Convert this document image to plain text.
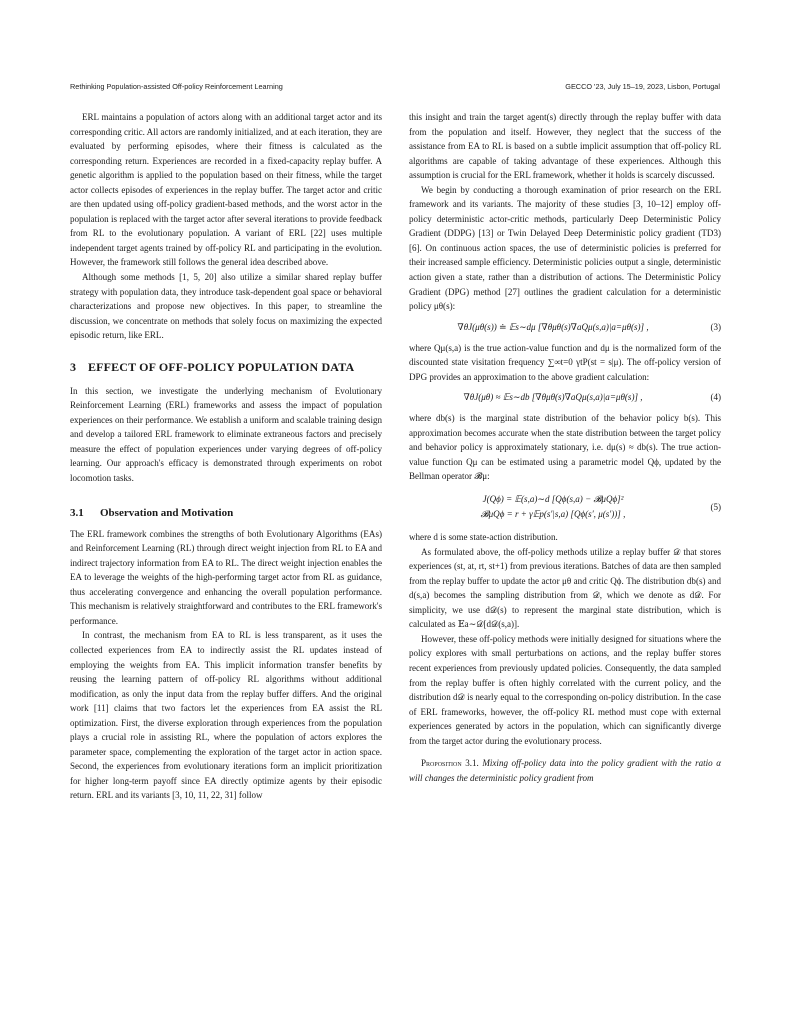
Rethinking Population-assisted Off-policy Reinforcement Learning	GECCO '23, July 15–19, 2023, Lisbon, Portugal

ERL maintains a population of actors along with an additional target actor and its corresponding critic. All actors are randomly initialized, and at each iteration, they are evaluated by performing episodes, where their fitness is calculated as the corresponding return. Experiences are recorded in a fixed-capacity replay buffer. A genetic algorithm is applied to the population based on their fitness, while the target actor collects episodes of experiences in the replay buffer. The target actor and critic are then updated using off-policy gradient-based methods, and the worst actor in the population is replaced with the target actor after several iterations to provide feedback from RL to the evolutionary population. A variant of ERL [22] uses multiple independent target agents trained by off-policy RL and participating in the evolution. However, the framework still follows the general idea described above.

Although some methods [1, 5, 20] also utilize a similar shared replay buffer strategy with population data, they introduce task-dependent goal space or behavioral characterizations and propose new objectives. In this paper, to streamline the discussion, we concentrate on methods that solely focus on maximizing the expected episodic return, like ERL.

3 EFFECT OF OFF-POLICY POPULATION DATA

In this section, we investigate the underlying mechanism of Evolutionary Reinforcement Learning (ERL) frameworks and assess the impact of population experiences on their performance. We establish a uniform and scalable training design and develop a tailored ERL framework to eliminate extraneous factors and precisely measure the effect of population experiences under varying degrees of off-policy learning. Our approach's efficacy is demonstrated through experiments on robot locomotion tasks.

3.1 Observation and Motivation

The ERL framework combines the strengths of both Evolutionary Algorithms (EAs) and Reinforcement Learning (RL) through direct weight injection from RL to EA and indirect trajectory information from EA to RL. The direct weight injection enables the EA to leverage the weights of the high-performing target actor from RL as guidance, thus accelerating convergence and enhancing the overall population performance. This mechanism is relatively straightforward and contributes to the ERL framework's performance.

In contrast, the mechanism from EA to RL is less transparent, as it uses the collected experiences from EA to indirectly assist the RL updates instead of employing the weights from EA. This implicit information transfer benefits by reusing the learning pattern of off-policy RL algorithms without additional modification, as only the input data from the replay buffer differs. And the original work [11] claims that two factors let the experiences from EA assist the RL optimization. First, the diverse exploration through experiences from the population plays a crucial role in assisting RL, where the population of actors explores the parameter space, complementing the exploration of the target actor in action space. Second, the experiences from evolutionary iterations form an implicit prioritization for higher long-term payoff since EA directly optimize agents by their episodic return. ERL and its variants [3, 10, 11, 22, 31] follow

this insight and train the target agent(s) directly through the replay buffer with data from the population and itself. However, they neglect that the success of the assistance from EA to RL is based on a subtle implicit assumption that off-policy RL algorithms are capable of taking advantage of these experiences. Although this assumption is crucial for the ERL framework, whether it holds is scarcely discussed.

We begin by conducting a thorough examination of prior research on the ERL framework and its variants. The majority of these studies [3, 10–12] employ off-policy deterministic actor-critic methods, particularly Deep Deterministic Policy Gradient (DDPG) [13] or Twin Delayed Deep Deterministic policy gradient (TD3) [6]. On continuous action spaces, the use of deterministic policies is preferred for their increased sample efficiency. Deterministic policies output a single, deterministic action given a state, rather than a distribution of actions. The Deterministic Policy Gradient (DPG) method [27] outlines the gradient calculation for a deterministic policy μθ(s):

∇θJ(μθ(s)) ≐ 𝔼s∼dμ [∇θμθ(s)∇aQμ(s,a)|a=μθ(s)] ,	(3)

where Qμ(s,a) is the true action-value function and dμ is the normalized form of the discounted state visitation frequency ∑∞t=0 γtP(st = s|μ). The off-policy version of DPG provides an approximation to the above gradient calculation:

∇θJ(μθ) ≈ 𝔼s∼db [∇θμθ(s)∇aQμ(s,a)|a=μθ(s)] ,	(4)

where db(s) is the marginal state distribution of the behavior policy b(s). This approximation becomes accurate when the state distribution between the target policy and behavior policy is approximately stationary, i.e. dμ(s) ≈ db(s). The true action-value function Qμ can be estimated using a parametric model Qϕ, updated by the Bellman operator 𝓑μ:

J(Qϕ) = 𝔼(s,a)∼d [Qϕ(s,a) − 𝓑μQϕ]²
𝓑μQϕ = r + γ𝔼p(s′|s,a) [Qϕ(s′, μ(s′))] ,
(5)

where d is some state-action distribution.

As formulated above, the off-policy methods utilize a replay buffer 𝒟 that stores experiences (st, at, rt, st+1) from previous iterations. Batches of data are then sampled from the replay buffer to update the actor μθ and critic Qϕ. The distribution db(s) and d(s,a) becomes the sampling distribution from 𝒟, which we denote as d𝒟. For simplicity, we use d𝒟(s) to represent the marginal state distribution, which is calculated as 𝔼a∼𝒟[d𝒟(s,a)].

However, these off-policy methods were initially designed for situations where the policy explores with small perturbations on actions, and the replay buffer stores recent experiences from previously updated policies. Consequently, the data sampled from the replay buffer is often highly correlated with the current policy, and the distribution d𝒟 is nearly equal to the corresponding on-policy distribution. In the case of ERL frameworks, however, the off-policy RL method must cope with external experiences generated by actors in the population, which can significantly diverge from the target actor during the evolutionary process.

Proposition 3.1. Mixing off-policy data into the policy gradient with the ratio α will changes the deterministic policy gradient from
